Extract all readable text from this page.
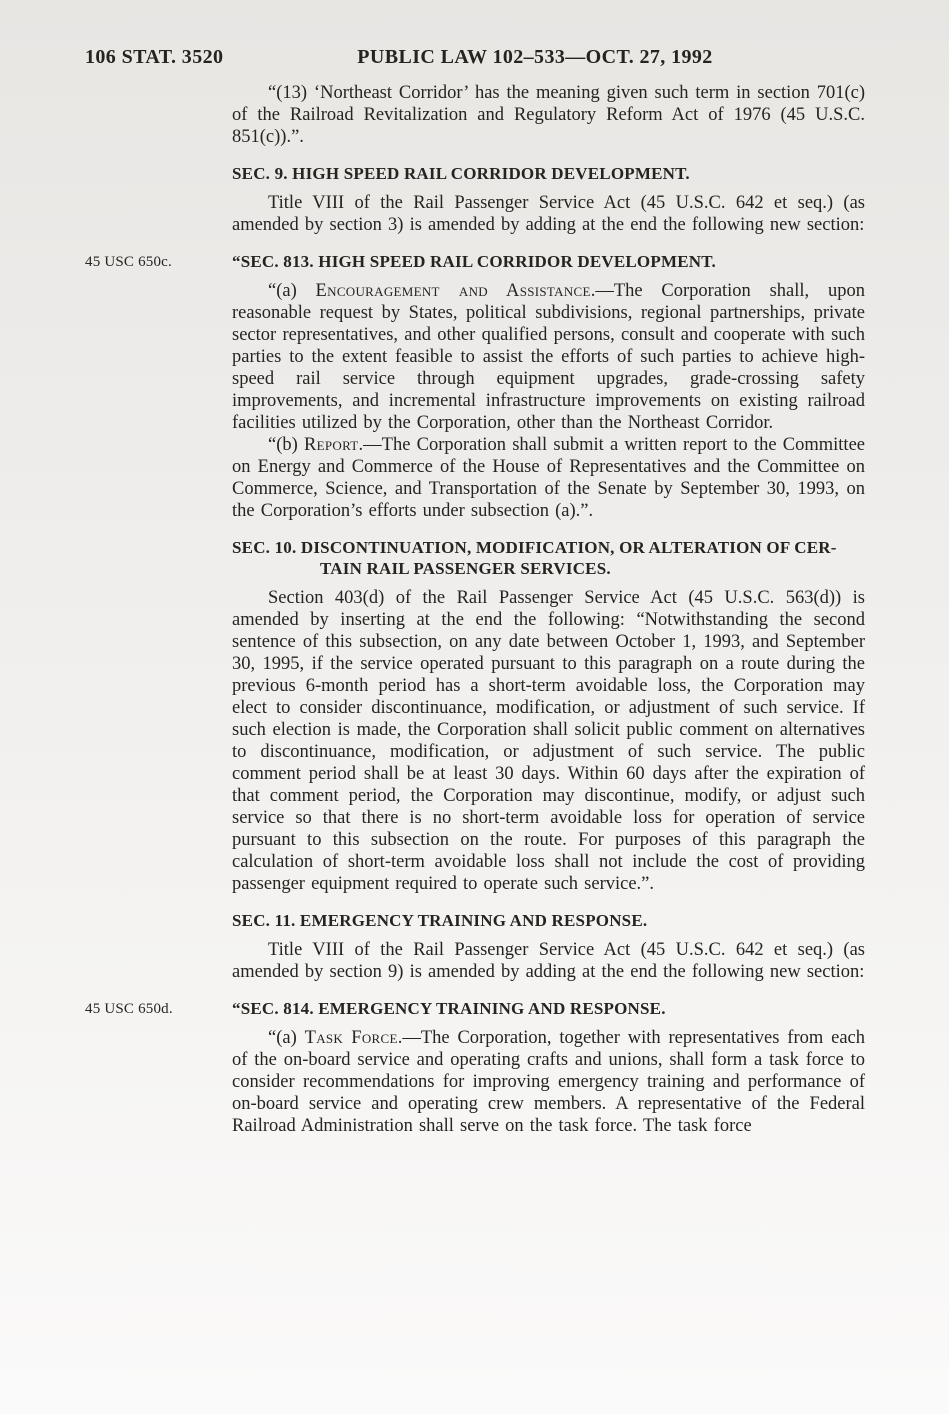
106 STAT. 3520	PUBLIC LAW 102–533—OCT. 27, 1992

“(13) ‘Northeast Corridor’ has the meaning given such term in section 701(c) of the Railroad Revitalization and Regulatory Reform Act of 1976 (45 U.S.C. 851(c)).”.

SEC. 9. HIGH SPEED RAIL CORRIDOR DEVELOPMENT.

Title VIII of the Rail Passenger Service Act (45 U.S.C. 642 et seq.) (as amended by section 3) is amended by adding at the end the following new section:

45 USC 650c.	“SEC. 813. HIGH SPEED RAIL CORRIDOR DEVELOPMENT.

“(a) Encouragement and Assistance.—The Corporation shall, upon reasonable request by States, political subdivisions, regional partnerships, private sector representatives, and other qualified persons, consult and cooperate with such parties to the extent feasible to assist the efforts of such parties to achieve high-speed rail service through equipment upgrades, grade-crossing safety improvements, and incremental infrastructure improvements on existing railroad facilities utilized by the Corporation, other than the Northeast Corridor.

“(b) Report.—The Corporation shall submit a written report to the Committee on Energy and Commerce of the House of Representatives and the Committee on Commerce, Science, and Transportation of the Senate by September 30, 1993, on the Corporation’s efforts under subsection (a).”.

SEC. 10. DISCONTINUATION, MODIFICATION, OR ALTERATION OF CER-
TAIN RAIL PASSENGER SERVICES.

Section 403(d) of the Rail Passenger Service Act (45 U.S.C. 563(d)) is amended by inserting at the end the following: “Notwithstanding the second sentence of this subsection, on any date between October 1, 1993, and September 30, 1995, if the service operated pursuant to this paragraph on a route during the previous 6-month period has a short-term avoidable loss, the Corporation may elect to consider discontinuance, modification, or adjustment of such service. If such election is made, the Corporation shall solicit public comment on alternatives to discontinuance, modification, or adjustment of such service. The public comment period shall be at least 30 days. Within 60 days after the expiration of that comment period, the Corporation may discontinue, modify, or adjust such service so that there is no short-term avoidable loss for operation of service pursuant to this subsection on the route. For purposes of this paragraph the calculation of short-term avoidable loss shall not include the cost of providing passenger equipment required to operate such service.”.

SEC. 11. EMERGENCY TRAINING AND RESPONSE.

Title VIII of the Rail Passenger Service Act (45 U.S.C. 642 et seq.) (as amended by section 9) is amended by adding at the end the following new section:

45 USC 650d.	“SEC. 814. EMERGENCY TRAINING AND RESPONSE.

“(a) Task Force.—The Corporation, together with representatives from each of the on-board service and operating crafts and unions, shall form a task force to consider recommendations for improving emergency training and performance of on-board service and operating crew members. A representative of the Federal Railroad Administration shall serve on the task force. The task force
